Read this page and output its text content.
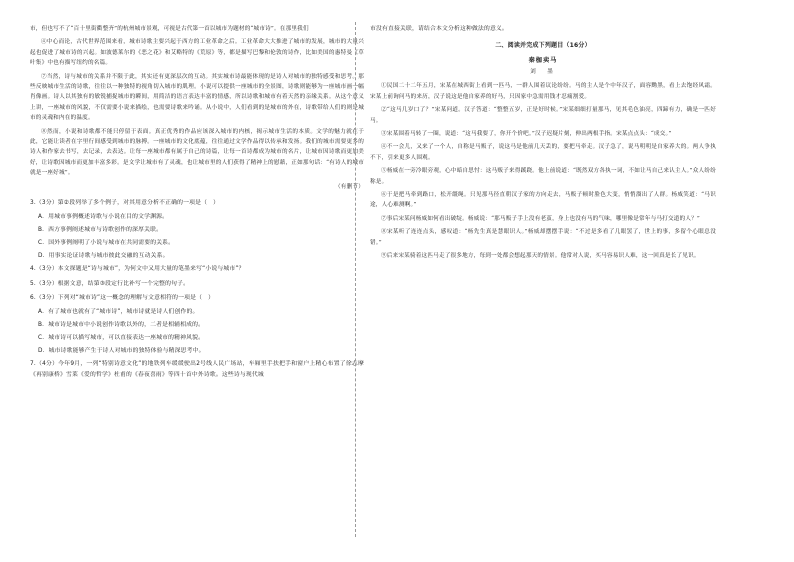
市，但也写不了“百十里街衢整齐”的杭州城市景观，可视是古代第一首以城市为题材的“城市诗”。在那里我们

④中心而论，古代世界范围来看，城市诗歌主要兴起于西方的工业革命之后。工业革命大大推进了城市的发展，城市的大量兴起也促进了城市诗的兴起。如波德莱尔的《恶之花》和艾略特的《荒原》等，都是描写巴黎和伦敦的诗作，比如美国的惠特曼《草叶集》中也有描写纽约的名篇。

⑦当然，诗与城市的关系并不限于此，其实还有更深层次的互动。其实城市诗最能体现的是诗人对城市的独特感受和思考。那些反映城市生活的诗歌，往往以一种独特的视角切入城市的肌理。小说可以提供一座城市的全景图，诗歌则能够为一座城市画一幅肖像画。诗人以其独有的敏锐捕捉城市的瞬间，用简洁的语言表达丰富的情感，所以诗歌和城市有着天然的亲缘关系。从这个意义上讲，一座城市的风貌，不仅需要小说来描绘，也需要诗歌来吟诵。从小说中，人们看到的是城市的外在，诗歌带给人们的则是城市的灵魂和内在的温度。

⑧然而，小说和诗歌都不能只停留于表面。真正优秀的作品应该深入城市的内核，揭示城市生活的本质。文学的魅力就在于此，它能让读者在字里行间感受到城市的脉搏。一座城市的文化底蕴，往往通过文学作品得以传承和发扬。我们的城市需要更多的诗人和作家去书写，去记录，去表达。让每一座城市都有属于自己的诗篇，让每一首诗都成为城市的名片，让城市因诗歌而更加美好，让诗歌因城市而更加丰富多彩。是文学让城市有了灵魂，也让城市里的人们获得了精神上的慰藉，正如那句话：“有诗人的城市就是一座好城”。

（有删节）
3.（3分）第②段列举了多个例子，对其用意分析不正确的一项是（　）
A．用城市事例概述诗歌与小说在目的文学渊源。
B．西方事例阐述城市与诗歌创作的深厚关联。
C．国外事例阐明了小说与城市在共同需要的关系。
D．用事实论证诗歌与城市彼此交融的互动关系。
4.（3分）本文探题是“诗与城市”，为何文中又用大量的笔墨来写“小说与城市”？
5.（3分）根据文意，结第③段定行比补写一个完整的句子。
6.（3分）下列对“城市诗”这一概念的理解与文意相符的一项是（　）
A．有了城市也就有了“城市诗”，城市诗就是诗人们创作的。
B．城市诗是城市中小说创作诗歌以外的，二者是相辅相成的。
C．城市诗可以描写城市，可以直接表达一座城市的精神风貌。
D．城市诗歌能够产生于诗人对城市的独特体验与精深思考中。
7.（4分）今年9月，一列“特别诗意文化”的地铁列车缓缓驶出2号线人民广场站，车厢里手扶把手和窗户上精心布置了徐志摩《再别康桥》雪莱《爱的哲学》杜甫的《春夜喜雨》等四十首中外诗歌。这些诗与现代城
市没有直接关联，请结合本文分析这种做法的意义。
二、阅读并完成下列题目（16分）
秦枷卖马
刘　墨

①民国二十二年五月，宋某在城西街上看到一匹马，一群人围着议论纷纷。马的主人是个中年汉子，面容黝黑，看上去饱经风霜。宋某上前询问马的来历，汉子说这是他自家养的好马，只因家中急需用钱才忍痛割爱。

②“这马几岁口了？”宋某问道。汉子答道：“整整五岁，正是好时候。”宋某细细打量那马，见其毛色油亮，四蹄有力，确是一匹好马。

③宋某围着马转了一圈，说道：“这马我要了，你开个价吧。”汉子迟疑片刻，伸出两根手指。宋某点点头：“成交。”

④不一会儿，又来了一个人，自称是马贩子，说这马是他前几天丢的，要把马牵走。汉子急了，说马明明是自家养大的。两人争执不下，引来更多人围观。

⑤杨威在一旁冷眼旁观，心中暗自思忖：这马贩子来得蹊跷。他上前说道：“既然双方各执一词，不如让马自己来认主人。”众人纷纷称是。

⑥于是把马牵到路口，松开缰绳。只见那马径直朝汉子家的方向走去，马贩子顿时脸色大变，悄悄溜出了人群。杨威笑道：“马识途，人心难测啊。”

⑦事后宋某问杨威如何看出破绽。杨威说：“那马贩子手上没有老茧，身上也没有马的气味，哪里像是常年与马打交道的人？”

⑧宋某听了连连点头，感叹道：“杨先生真是慧眼识人。”杨威却摆摆手说：“不过是多看了几眼罢了，世上的事，多留个心眼总没错。”

⑨后来宋某骑着这匹马走了很多地方，每到一处都会想起那天的情景。他常对人说，买马容易识人难，这一回真是长了见识。
